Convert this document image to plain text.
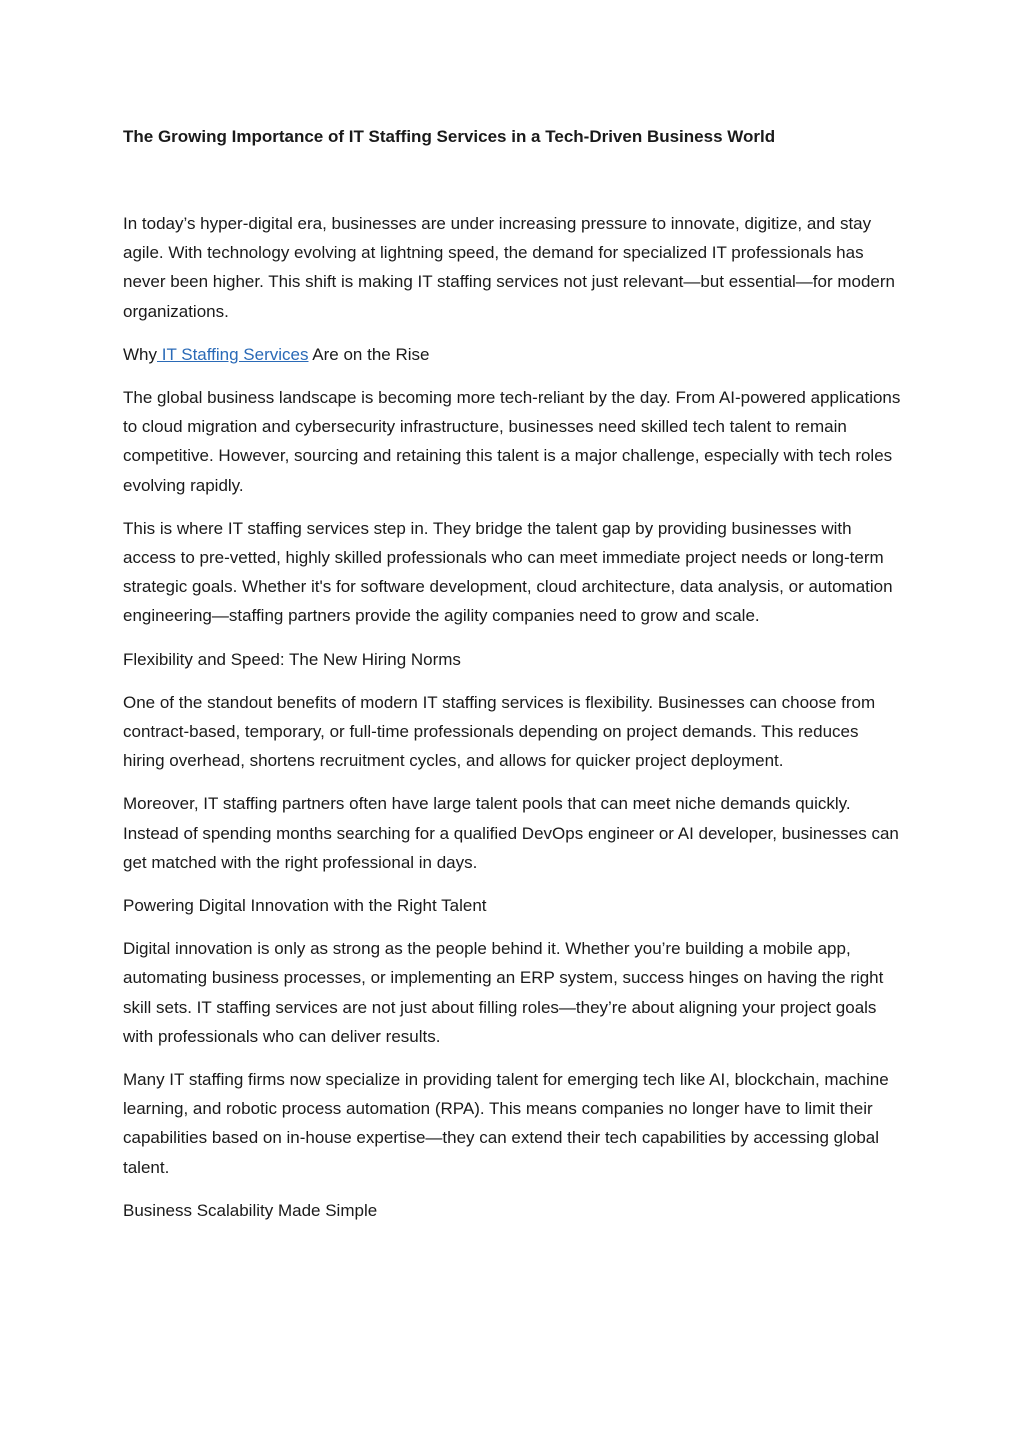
The Growing Importance of IT Staffing Services in a Tech-Driven Business World

In today’s hyper-digital era, businesses are under increasing pressure to innovate, digitize, and stay agile. With technology evolving at lightning speed, the demand for specialized IT professionals has never been higher. This shift is making IT staffing services not just relevant—but essential—for modern organizations.

Why IT Staffing Services Are on the Rise

The global business landscape is becoming more tech-reliant by the day. From AI-powered applications to cloud migration and cybersecurity infrastructure, businesses need skilled tech talent to remain competitive. However, sourcing and retaining this talent is a major challenge, especially with tech roles evolving rapidly.

This is where IT staffing services step in. They bridge the talent gap by providing businesses with access to pre-vetted, highly skilled professionals who can meet immediate project needs or long-term strategic goals. Whether it's for software development, cloud architecture, data analysis, or automation engineering—staffing partners provide the agility companies need to grow and scale.

Flexibility and Speed: The New Hiring Norms

One of the standout benefits of modern IT staffing services is flexibility. Businesses can choose from contract-based, temporary, or full-time professionals depending on project demands. This reduces hiring overhead, shortens recruitment cycles, and allows for quicker project deployment.

Moreover, IT staffing partners often have large talent pools that can meet niche demands quickly. Instead of spending months searching for a qualified DevOps engineer or AI developer, businesses can get matched with the right professional in days.

Powering Digital Innovation with the Right Talent

Digital innovation is only as strong as the people behind it. Whether you’re building a mobile app, automating business processes, or implementing an ERP system, success hinges on having the right skill sets. IT staffing services are not just about filling roles—they’re about aligning your project goals with professionals who can deliver results.

Many IT staffing firms now specialize in providing talent for emerging tech like AI, blockchain, machine learning, and robotic process automation (RPA). This means companies no longer have to limit their capabilities based on in-house expertise—they can extend their tech capabilities by accessing global talent.

Business Scalability Made Simple
